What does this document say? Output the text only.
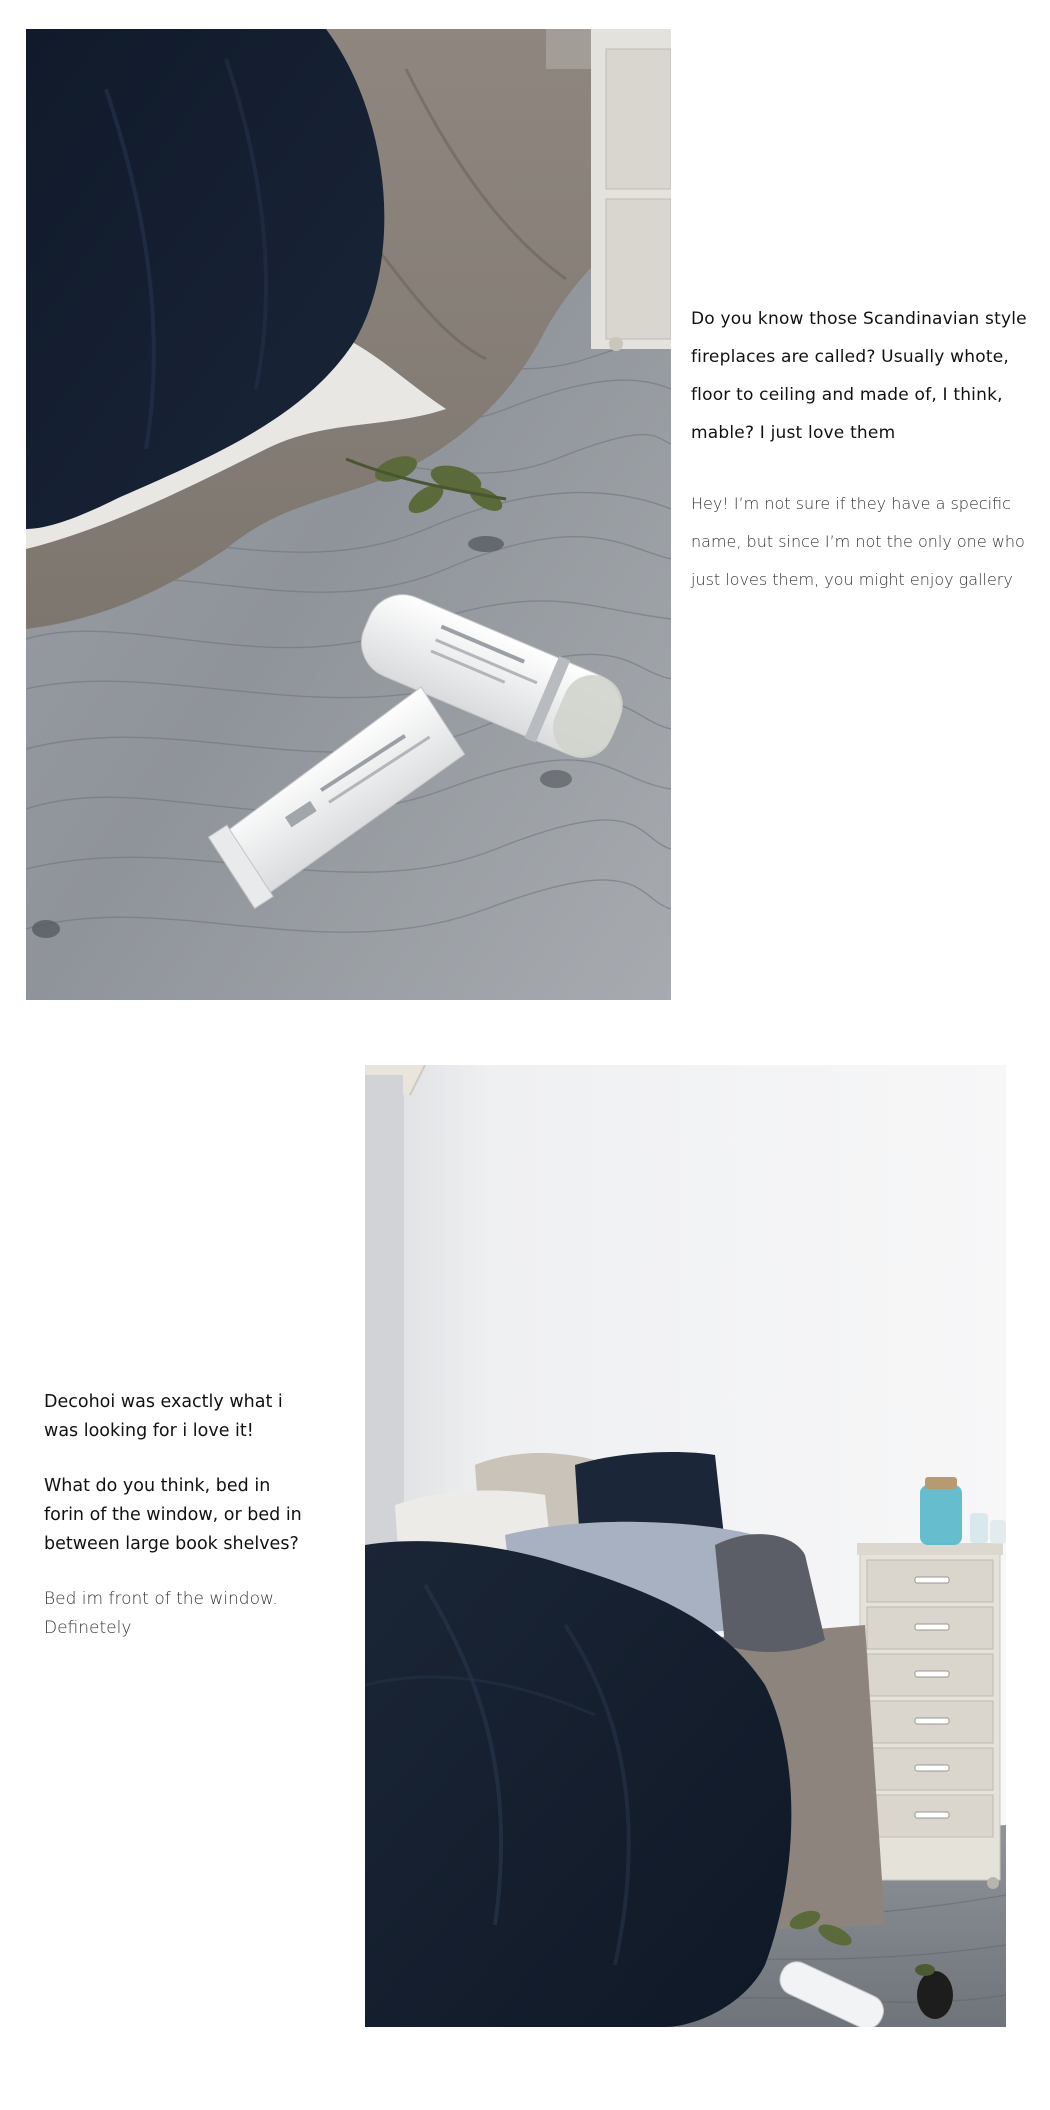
Do you know those Scandinavian style fireplaces are called? Usually whote, floor to ceiling and made of, I think, mable? I just love them

Hey! I’m not sure if they have a specific name, but since I’m not the only one who just loves them, you might enjoy gallery

Decohoi was exactly what i was looking for i love it!

What do you think, bed in forin of the window, or bed in between large book shelves?

Bed im front of the window. Definetely
